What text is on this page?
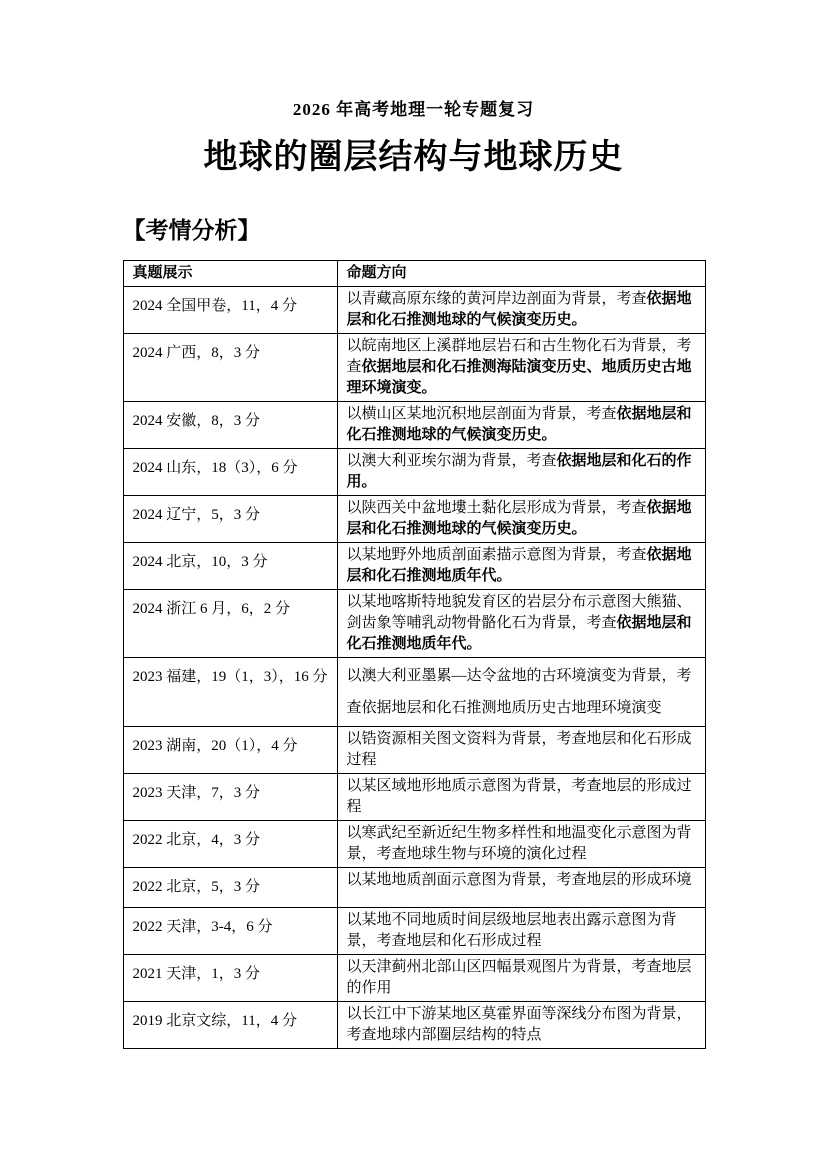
2026 年高考地理一轮专题复习
地球的圈层结构与地球历史
【考情分析】
真题展示	命题方向
2024 全国甲卷，11，4 分	以青藏高原东缘的黄河岸边剖面为背景，考查依据地层和化石推测地球的气候演变历史。
2024 广西，8，3 分	以皖南地区上溪群地层岩石和古生物化石为背景，考查依据地层和化石推测海陆演变历史、地质历史古地理环境演变。
2024 安徽，8，3 分	以横山区某地沉积地层剖面为背景，考查依据地层和化石推测地球的气候演变历史。
2024 山东，18（3），6 分	以澳大利亚埃尔湖为背景，考查依据地层和化石的作用。
2024 辽宁，5，3 分	以陕西关中盆地塿土黏化层形成为背景，考查依据地层和化石推测地球的气候演变历史。
2024 北京，10，3 分	以某地野外地质剖面素描示意图为背景，考查依据地层和化石推测地质年代。
2024 浙江 6 月，6，2 分	以某地喀斯特地貌发育区的岩层分布示意图大熊猫、剑齿象等哺乳动物骨骼化石为背景，考查依据地层和化石推测地质年代。
2023 福建，19（1，3），16 分	以澳大利亚墨累—达令盆地的古环境演变为背景，考查依据地层和化石推测地质历史古地理环境演变
2023 湖南，20（1），4 分	以锆资源相关图文资料为背景，考查地层和化石形成过程
2023 天津，7，3 分	以某区域地形地质示意图为背景，考查地层的形成过程
2022 北京，4，3 分	以寒武纪至新近纪生物多样性和地温变化示意图为背景，考查地球生物与环境的演化过程
2022 北京，5，3 分	以某地地质剖面示意图为背景，考查地层的形成环境
2022 天津，3-4，6 分	以某地不同地质时间层级地层地表出露示意图为背景，考查地层和化石形成过程
2021 天津，1，3 分	以天津蓟州北部山区四幅景观图片为背景，考查地层的作用
2019 北京文综，11，4 分	以长江中下游某地区莫霍界面等深线分布图为背景，考查地球内部圈层结构的特点
